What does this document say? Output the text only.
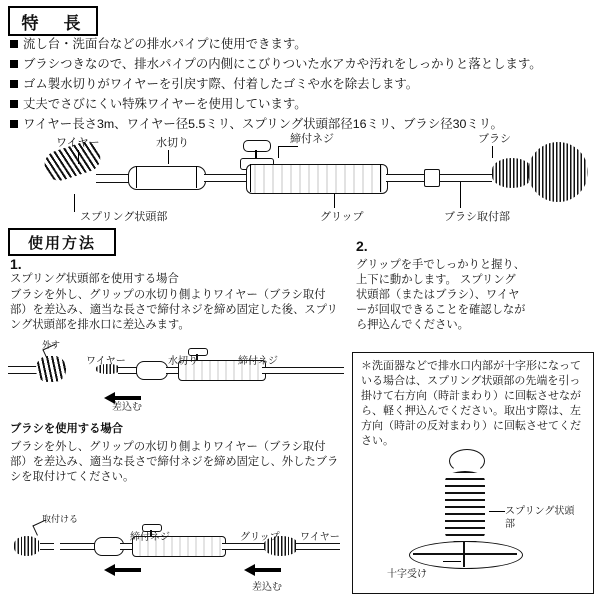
特　長
流し台・洗面台などの排水パイプに使用できます。
ブラシつきなので、排水パイプの内側にこびりついた水アカや汚れをしっかりと落とします。
ゴム製水切りがワイヤーを引戻す際、付着したゴミや水を除去します。
丈夫でさびにくい特殊ワイヤーを使用しています。
ワイヤー長さ3m、ワイヤー径5.5ミリ、スプリング状頭部径16ミリ、ブラシ径30ミリ。
ワイヤー	水切り	締付ネジ	ブラシ
スプリング状頭部	グリップ	ブラシ取付部
使用方法
1.
スプリング状頭部を使用する場合
ブラシを外し、グリップの水切り側よりワイヤー（ブラシ取付部）を差込み、適当な長さで締付ネジを締め固定した後、スプリング状頭部を排水口に差込みます。
2.
グリップを手でしっかりと握り、上下に動かします。 スプリング状頭部（またはブラシ）、ワイヤーが回収できることを確認しながら押込んでください。
外す
ワイヤー	水切り	締付ネジ
差込む
ブラシを使用する場合
ブラシを外し、グリップの水切り側よりワイヤー（ブラシ取付部）を差込み、適当な長さで締付ネジを締め固定し、外したブラシを取付けてください。
取付ける
締付ネジ	グリップ ワイヤー
差込む
＊洗面器などで排水口内部が十字形になっている場合は、スプリング状頭部の先端を引っ掛けて右方向（時計まわり）に回転させながら、軽く押込んでください。取出す際は、左方向（時計の反対まわり）に回転させてください。
スプリング状頭部
十字受け
